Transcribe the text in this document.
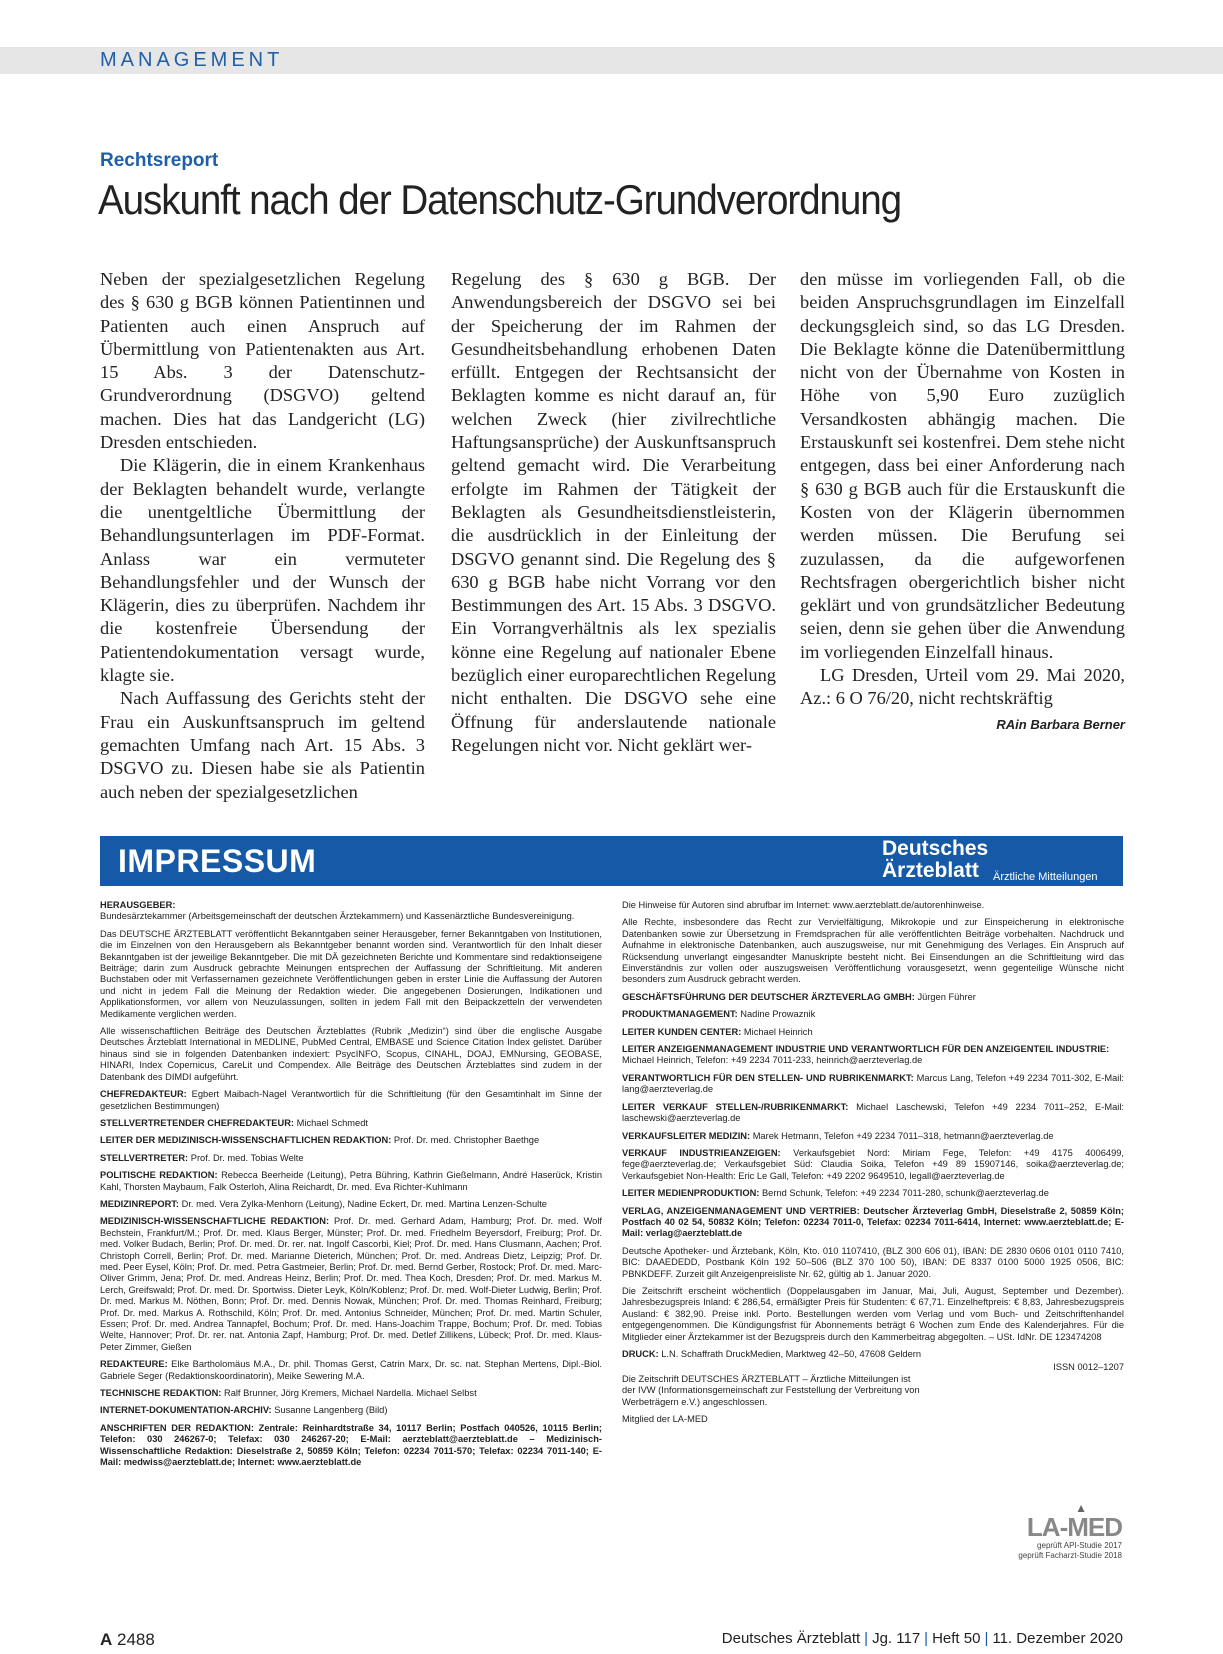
MANAGEMENT
Rechtsreport
Auskunft nach der Datenschutz-Grundverordnung

Neben der spezialgesetzlichen Regelung des § 630 g BGB können Patientinnen und Patienten auch einen Anspruch auf Übermittlung von Patientenakten aus Art. 15 Abs. 3 der Datenschutz-Grundverordnung (DSGVO) geltend machen. Dies hat das Landgericht (LG) Dresden entschieden.

Die Klägerin, die in einem Krankenhaus der Beklagten behandelt wurde, verlangte die unentgeltliche Übermittlung der Behandlungsunterlagen im PDF-Format. Anlass war ein vermuteter Behandlungsfehler und der Wunsch der Klägerin, dies zu überprüfen. Nachdem ihr die kostenfreie Übersendung der Patientendokumentation versagt wurde, klagte sie.

Nach Auffassung des Gerichts steht der Frau ein Auskunftsanspruch im geltend gemachten Umfang nach Art. 15 Abs. 3 DSGVO zu. Diesen habe sie als Patientin auch neben der spezialgesetzlichen

Regelung des § 630 g BGB. Der Anwendungsbereich der DSGVO sei bei der Speicherung der im Rahmen der Gesundheitsbehandlung erhobenen Daten erfüllt. Entgegen der Rechtsansicht der Beklagten komme es nicht darauf an, für welchen Zweck (hier zivilrechtliche Haftungsansprüche) der Auskunftsanspruch geltend gemacht wird. Die Verarbeitung erfolgte im Rahmen der Tätigkeit der Beklagten als Gesundheitsdienstleisterin, die ausdrücklich in der Einleitung der DSGVO genannt sind. Die Regelung des § 630 g BGB habe nicht Vorrang vor den Bestimmungen des Art. 15 Abs. 3 DSGVO. Ein Vorrangverhältnis als lex spezialis könne eine Regelung auf nationaler Ebene bezüglich einer europarechtlichen Regelung nicht enthalten. Die DSGVO sehe eine Öffnung für anderslautende nationale Regelungen nicht vor. Nicht geklärt wer-

den müsse im vorliegenden Fall, ob die beiden Anspruchsgrundlagen im Einzelfall deckungsgleich sind, so das LG Dresden. Die Beklagte könne die Datenübermittlung nicht von der Übernahme von Kosten in Höhe von 5,90 Euro zuzüglich Versandkosten abhängig machen. Die Erstauskunft sei kostenfrei. Dem stehe nicht entgegen, dass bei einer Anforderung nach § 630 g BGB auch für die Erstauskunft die Kosten von der Klägerin übernommen werden müssen. Die Berufung sei zuzulassen, da die aufgeworfenen Rechtsfragen obergerichtlich bisher nicht geklärt und von grundsätzlicher Bedeutung seien, denn sie gehen über die Anwendung im vorliegenden Einzelfall hinaus.

LG Dresden, Urteil vom 29. Mai 2020, Az.: 6 O 76/20, nicht rechtskräftig

RAin Barbara Berner
IMPRESSUM	Deutsches
Ärzteblatt Ärztliche Mitteilungen

HERAUSGEBER:
Bundesärztekammer (Arbeitsgemeinschaft der deutschen Ärztekammern) und Kassenärztliche Bundesvereinigung.

Das DEUTSCHE ÄRZTEBLATT veröffentlicht Bekanntgaben seiner Herausgeber, ferner Bekanntgaben von Institutionen, die im Einzelnen von den Herausgebern als Bekanntgeber benannt worden sind. Verantwortlich für den Inhalt dieser Bekanntgaben ist der jeweilige Bekanntgeber. Die mit DÄ gezeichneten Berichte und Kommentare sind redaktionseigene Beiträge; darin zum Ausdruck gebrachte Meinungen entsprechen der Auffassung der Schriftleitung. Mit anderen Buchstaben oder mit Verfassernamen gezeichnete Veröffentlichungen geben in erster Linie die Auffassung der Autoren und nicht in jedem Fall die Meinung der Redaktion wieder. Die angegebenen Dosierungen, Indikationen und Applikationsformen, vor allem von Neuzulassungen, sollten in jedem Fall mit den Beipackzetteln der verwendeten Medikamente verglichen werden.

Alle wissenschaftlichen Beiträge des Deutschen Ärzteblattes (Rubrik „Medizin“) sind über die englische Ausgabe Deutsches Ärzteblatt International in MEDLINE, PubMed Central, EMBASE und Science Citation Index gelistet. Darüber hinaus sind sie in folgenden Datenbanken indexiert: PsycINFO, Scopus, CINAHL, DOAJ, EMNursing, GEOBASE, HINARI, Index Copernicus, CareLit und Compendex. Alle Beiträge des Deutschen Ärzteblattes sind zudem in der Datenbank des DIMDI aufgeführt.

CHEFREDAKTEUR: Egbert Maibach-Nagel Verantwortlich für die Schriftleitung (für den Gesamtinhalt im Sinne der gesetzlichen Bestimmungen)

STELLVERTRETENDER CHEFREDAKTEUR: Michael Schmedt

LEITER DER MEDIZINISCH-WISSENSCHAFTLICHEN REDAKTION: Prof. Dr. med. Christopher Baethge

STELLVERTRETER: Prof. Dr. med. Tobias Welte

POLITISCHE REDAKTION: Rebecca Beerheide (Leitung), Petra Bühring, Kathrin Gießelmann, André Haserück, Kristin Kahl, Thorsten Maybaum, Falk Osterloh, Alina Reichardt, Dr. med. Eva Richter-Kuhlmann

MEDIZINREPORT: Dr. med. Vera Zylka-Menhorn (Leitung), Nadine Eckert, Dr. med. Martina Lenzen-Schulte

MEDIZINISCH-WISSENSCHAFTLICHE REDAKTION: Prof. Dr. med. Gerhard Adam, Hamburg; Prof. Dr. med. Wolf Bechstein, Frankfurt/M.; Prof. Dr. med. Klaus Berger, Münster; Prof. Dr. med. Friedhelm Beyersdorf, Freiburg; Prof. Dr. med. Volker Budach, Berlin; Prof. Dr. med. Dr. rer. nat. Ingolf Cascorbi, Kiel; Prof. Dr. med. Hans Clusmann, Aachen; Prof. Christoph Correll, Berlin; Prof. Dr. med. Marianne Dieterich, München; Prof. Dr. med. Andreas Dietz, Leipzig; Prof. Dr. med. Peer Eysel, Köln; Prof. Dr. med. Petra Gastmeier, Berlin; Prof. Dr. med. Bernd Gerber, Rostock; Prof. Dr. med. Marc-Oliver Grimm, Jena; Prof. Dr. med. Andreas Heinz, Berlin; Prof. Dr. med. Thea Koch, Dresden; Prof. Dr. med. Markus M. Lerch, Greifswald; Prof. Dr. med. Dr. Sportwiss. Dieter Leyk, Köln/Koblenz; Prof. Dr. med. Wolf-Dieter Ludwig, Berlin; Prof. Dr. med. Markus M. Nöthen, Bonn; Prof. Dr. med. Dennis Nowak, München; Prof. Dr. med. Thomas Reinhard, Freiburg; Prof. Dr. med. Markus A. Rothschild, Köln; Prof. Dr. med. Antonius Schneider, München; Prof. Dr. med. Martin Schuler, Essen; Prof. Dr. med. Andrea Tannapfel, Bochum; Prof. Dr. med. Hans-Joachim Trappe, Bochum; Prof. Dr. med. Tobias Welte, Hannover; Prof. Dr. rer. nat. Antonia Zapf, Hamburg; Prof. Dr. med. Detlef Zillikens, Lübeck; Prof. Dr. med. Klaus-Peter Zimmer, Gießen

REDAKTEURE: Elke Bartholomäus M.A., Dr. phil. Thomas Gerst, Catrin Marx, Dr. sc. nat. Stephan Mertens, Dipl.-Biol. Gabriele Seger (Redaktionskoordinatorin), Meike Sewering M.A.

TECHNISCHE REDAKTION: Ralf Brunner, Jörg Kremers, Michael Nardella. Michael Selbst

INTERNET-DOKUMENTATION-ARCHIV: Susanne Langenberg (Bild)

ANSCHRIFTEN DER REDAKTION: Zentrale: Reinhardtstraße 34, 10117 Berlin; Postfach 040526, 10115 Berlin; Telefon: 030 246267-0; Telefax: 030 246267-20; E-Mail: aerzteblatt@aerzteblatt.de – Medizinisch-Wissenschaftliche Redaktion: Dieselstraße 2, 50859 Köln; Telefon: 02234 7011-570; Telefax: 02234 7011-140; E-Mail: medwiss@aerzteblatt.de; Internet: www.aerzteblatt.de

Die Hinweise für Autoren sind abrufbar im Internet: www.aerzteblatt.de/autorenhinweise.

Alle Rechte, insbesondere das Recht zur Vervielfältigung, Mikrokopie und zur Einspeicherung in elektronische Datenbanken sowie zur Übersetzung in Fremdsprachen für alle veröffentlichten Beiträge vorbehalten. Nachdruck und Aufnahme in elektronische Datenbanken, auch auszugsweise, nur mit Genehmigung des Verlages. Ein Anspruch auf Rücksendung unverlangt eingesandter Manuskripte besteht nicht. Bei Einsendungen an die Schriftleitung wird das Einverständnis zur vollen oder auszugsweisen Veröffentlichung vorausgesetzt, wenn gegenteilige Wünsche nicht besonders zum Ausdruck gebracht werden.

GESCHÄFTSFÜHRUNG DER DEUTSCHER ÄRZTEVERLAG GMBH: Jürgen Führer

PRODUKTMANAGEMENT: Nadine Prowaznik

LEITER KUNDEN CENTER: Michael Heinrich

LEITER ANZEIGENMANAGEMENT INDUSTRIE UND VERANTWORTLICH FÜR DEN ANZEIGENTEIL INDUSTRIE:
Michael Heinrich, Telefon: +49 2234 7011-233, heinrich@aerzteverlag.de

VERANTWORTLICH FÜR DEN STELLEN- UND RUBRIKENMARKT: Marcus Lang, Telefon +49 2234 7011-302, E-Mail: lang@aerzteverlag.de

LEITER VERKAUF STELLEN-/RUBRIKENMARKT: Michael Laschewski, Telefon +49 2234 7011–252, E-Mail: laschewski@aerzteverlag.de

VERKAUFSLEITER MEDIZIN: Marek Hetmann, Telefon +49 2234 7011–318, hetmann@aerzteverlag.de

VERKAUF INDUSTRIEANZEIGEN: Verkaufsgebiet Nord: Miriam Fege, Telefon: +49 4175 4006499, fege@aerzteverlag.de; Verkaufsgebiet Süd: Claudia Soika, Telefon +49 89 15907146, soika@aerzteverlag.de; Verkaufsgebiet Non-Health: Eric Le Gall, Telefon: +49 2202 9649510, legall@aerzteverlag.de

LEITER MEDIENPRODUKTION: Bernd Schunk, Telefon: +49 2234 7011-280, schunk@aerzteverlag.de

VERLAG, ANZEIGENMANAGEMENT UND VERTRIEB: Deutscher Ärzteverlag GmbH, Dieselstraße 2, 50859 Köln; Postfach 40 02 54, 50832 Köln; Telefon: 02234 7011-0, Telefax: 02234 7011-6414, Internet: www.aerzteblatt.de; E-Mail: verlag@aerzteblatt.de

Deutsche Apotheker- und Ärztebank, Köln, Kto. 010 1107410, (BLZ 300 606 01), IBAN: DE 2830 0606 0101 0110 7410, BIC: DAAEDEDD, Postbank Köln 192 50–506 (BLZ 370 100 50), IBAN: DE 8337 0100 5000 1925 0506, BIC: PBNKDEFF. Zurzeit gilt Anzeigenpreisliste Nr. 62, gültig ab 1. Januar 2020.

Die Zeitschrift erscheint wöchentlich (Doppelausgaben im Januar, Mai, Juli, August, September und Dezember). Jahresbezugspreis Inland: € 286,54, ermäßigter Preis für Studenten: € 67,71. Einzelheftpreis: € 8,83, Jahresbezugspreis Ausland: € 382,90. Preise inkl. Porto. Bestellungen werden vom Verlag und vom Buch- und Zeitschriftenhandel entgegengenommen. Die Kündigungsfrist für Abonnements beträgt 6 Wochen zum Ende des Kalenderjahres. Für die Mitglieder einer Ärztekammer ist der Bezugspreis durch den Kammerbeitrag abgegolten. – USt. IdNr. DE 123474208

DRUCK: L.N. Schaffrath DruckMedien, Marktweg 42–50, 47608 Geldern

ISSN 0012–1207

Die Zeitschrift DEUTSCHES ÄRZTEBLATT – Ärztliche Mitteilungen ist der IVW (Informationsgemeinschaft zur Feststellung der Verbreitung von Werbeträgern e.V.) angeschlossen.

Mitglied der LA-MED

▲
LA-MED
geprüft API-Studie 2017
geprüft Facharzt-Studie 2018
A 2488	Deutsches Ärzteblatt | Jg. 117 | Heft 50 | 11. Dezember 2020
